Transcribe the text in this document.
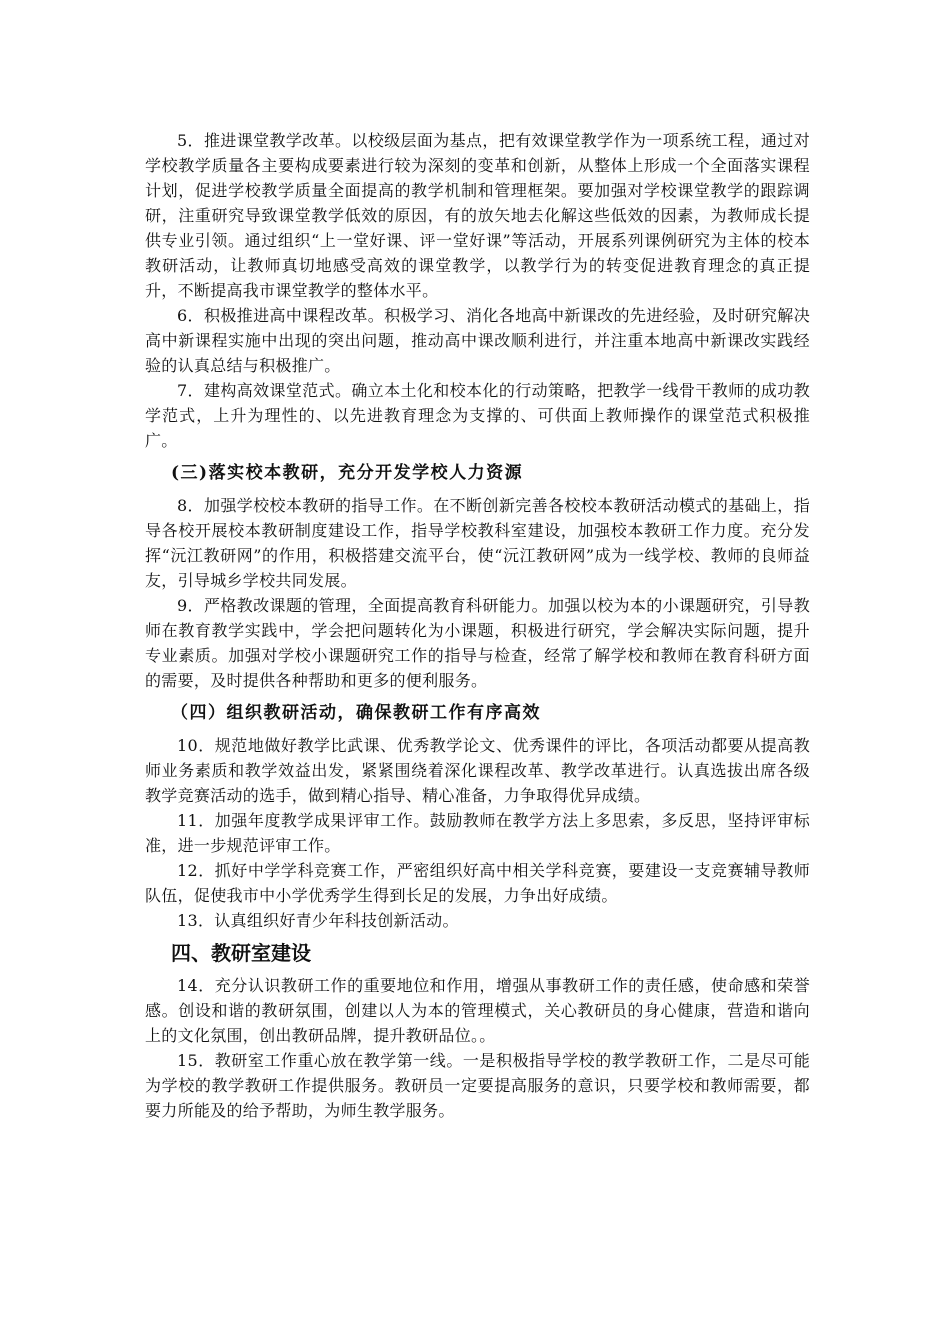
5．推进课堂教学改革。以校级层面为基点，把有效课堂教学作为一项系统工程，通过对学校教学质量各主要构成要素进行较为深刻的变革和创新，从整体上形成一个全面落实课程计划，促进学校教学质量全面提高的教学机制和管理框架。要加强对学校课堂教学的跟踪调研，注重研究导致课堂教学低效的原因，有的放矢地去化解这些低效的因素，为教师成长提供专业引领。通过组织“上一堂好课、评一堂好课”等活动，开展系列课例研究为主体的校本教研活动，让教师真切地感受高效的课堂教学，以教学行为的转变促进教育理念的真正提升，不断提高我市课堂教学的整体水平。

6．积极推进高中课程改革。积极学习、消化各地高中新课改的先进经验，及时研究解决高中新课程实施中出现的突出问题，推动高中课改顺利进行，并注重本地高中新课改实践经验的认真总结与积极推广。

7．建构高效课堂范式。确立本土化和校本化的行动策略，把教学一线骨干教师的成功教学范式，上升为理性的、以先进教育理念为支撑的、可供面上教师操作的课堂范式积极推广。

(三)落实校本教研，充分开发学校人力资源

8．加强学校校本教研的指导工作。在不断创新完善各校校本教研活动模式的基础上，指导各校开展校本教研制度建设工作，指导学校教科室建设，加强校本教研工作力度。充分发挥“沅江教研网”的作用，积极搭建交流平台，使“沅江教研网”成为一线学校、教师的良师益友，引导城乡学校共同发展。

9．严格教改课题的管理，全面提高教育科研能力。加强以校为本的小课题研究，引导教师在教育教学实践中，学会把问题转化为小课题，积极进行研究，学会解决实际问题，提升专业素质。加强对学校小课题研究工作的指导与检查，经常了解学校和教师在教育科研方面的需要，及时提供各种帮助和更多的便利服务。

（四）组织教研活动，确保教研工作有序高效

10．规范地做好教学比武课、优秀教学论文、优秀课件的评比，各项活动都要从提高教师业务素质和教学效益出发，紧紧围绕着深化课程改革、教学改革进行。认真选拔出席各级教学竞赛活动的选手，做到精心指导、精心准备，力争取得优异成绩。

11．加强年度教学成果评审工作。鼓励教师在教学方法上多思索，多反思，坚持评审标准，进一步规范评审工作。

12．抓好中学学科竞赛工作，严密组织好高中相关学科竞赛，要建设一支竞赛辅导教师队伍，促使我市中小学优秀学生得到长足的发展，力争出好成绩。

13．认真组织好青少年科技创新活动。

四、教研室建设

14．充分认识教研工作的重要地位和作用，增强从事教研工作的责任感，使命感和荣誉感。创设和谐的教研氛围，创建以人为本的管理模式，关心教研员的身心健康，营造和谐向上的文化氛围，创出教研品牌，提升教研品位。。

15．教研室工作重心放在教学第一线。一是积极指导学校的教学教研工作，二是尽可能为学校的教学教研工作提供服务。教研员一定要提高服务的意识，只要学校和教师需要，都要力所能及的给予帮助，为师生教学服务。
